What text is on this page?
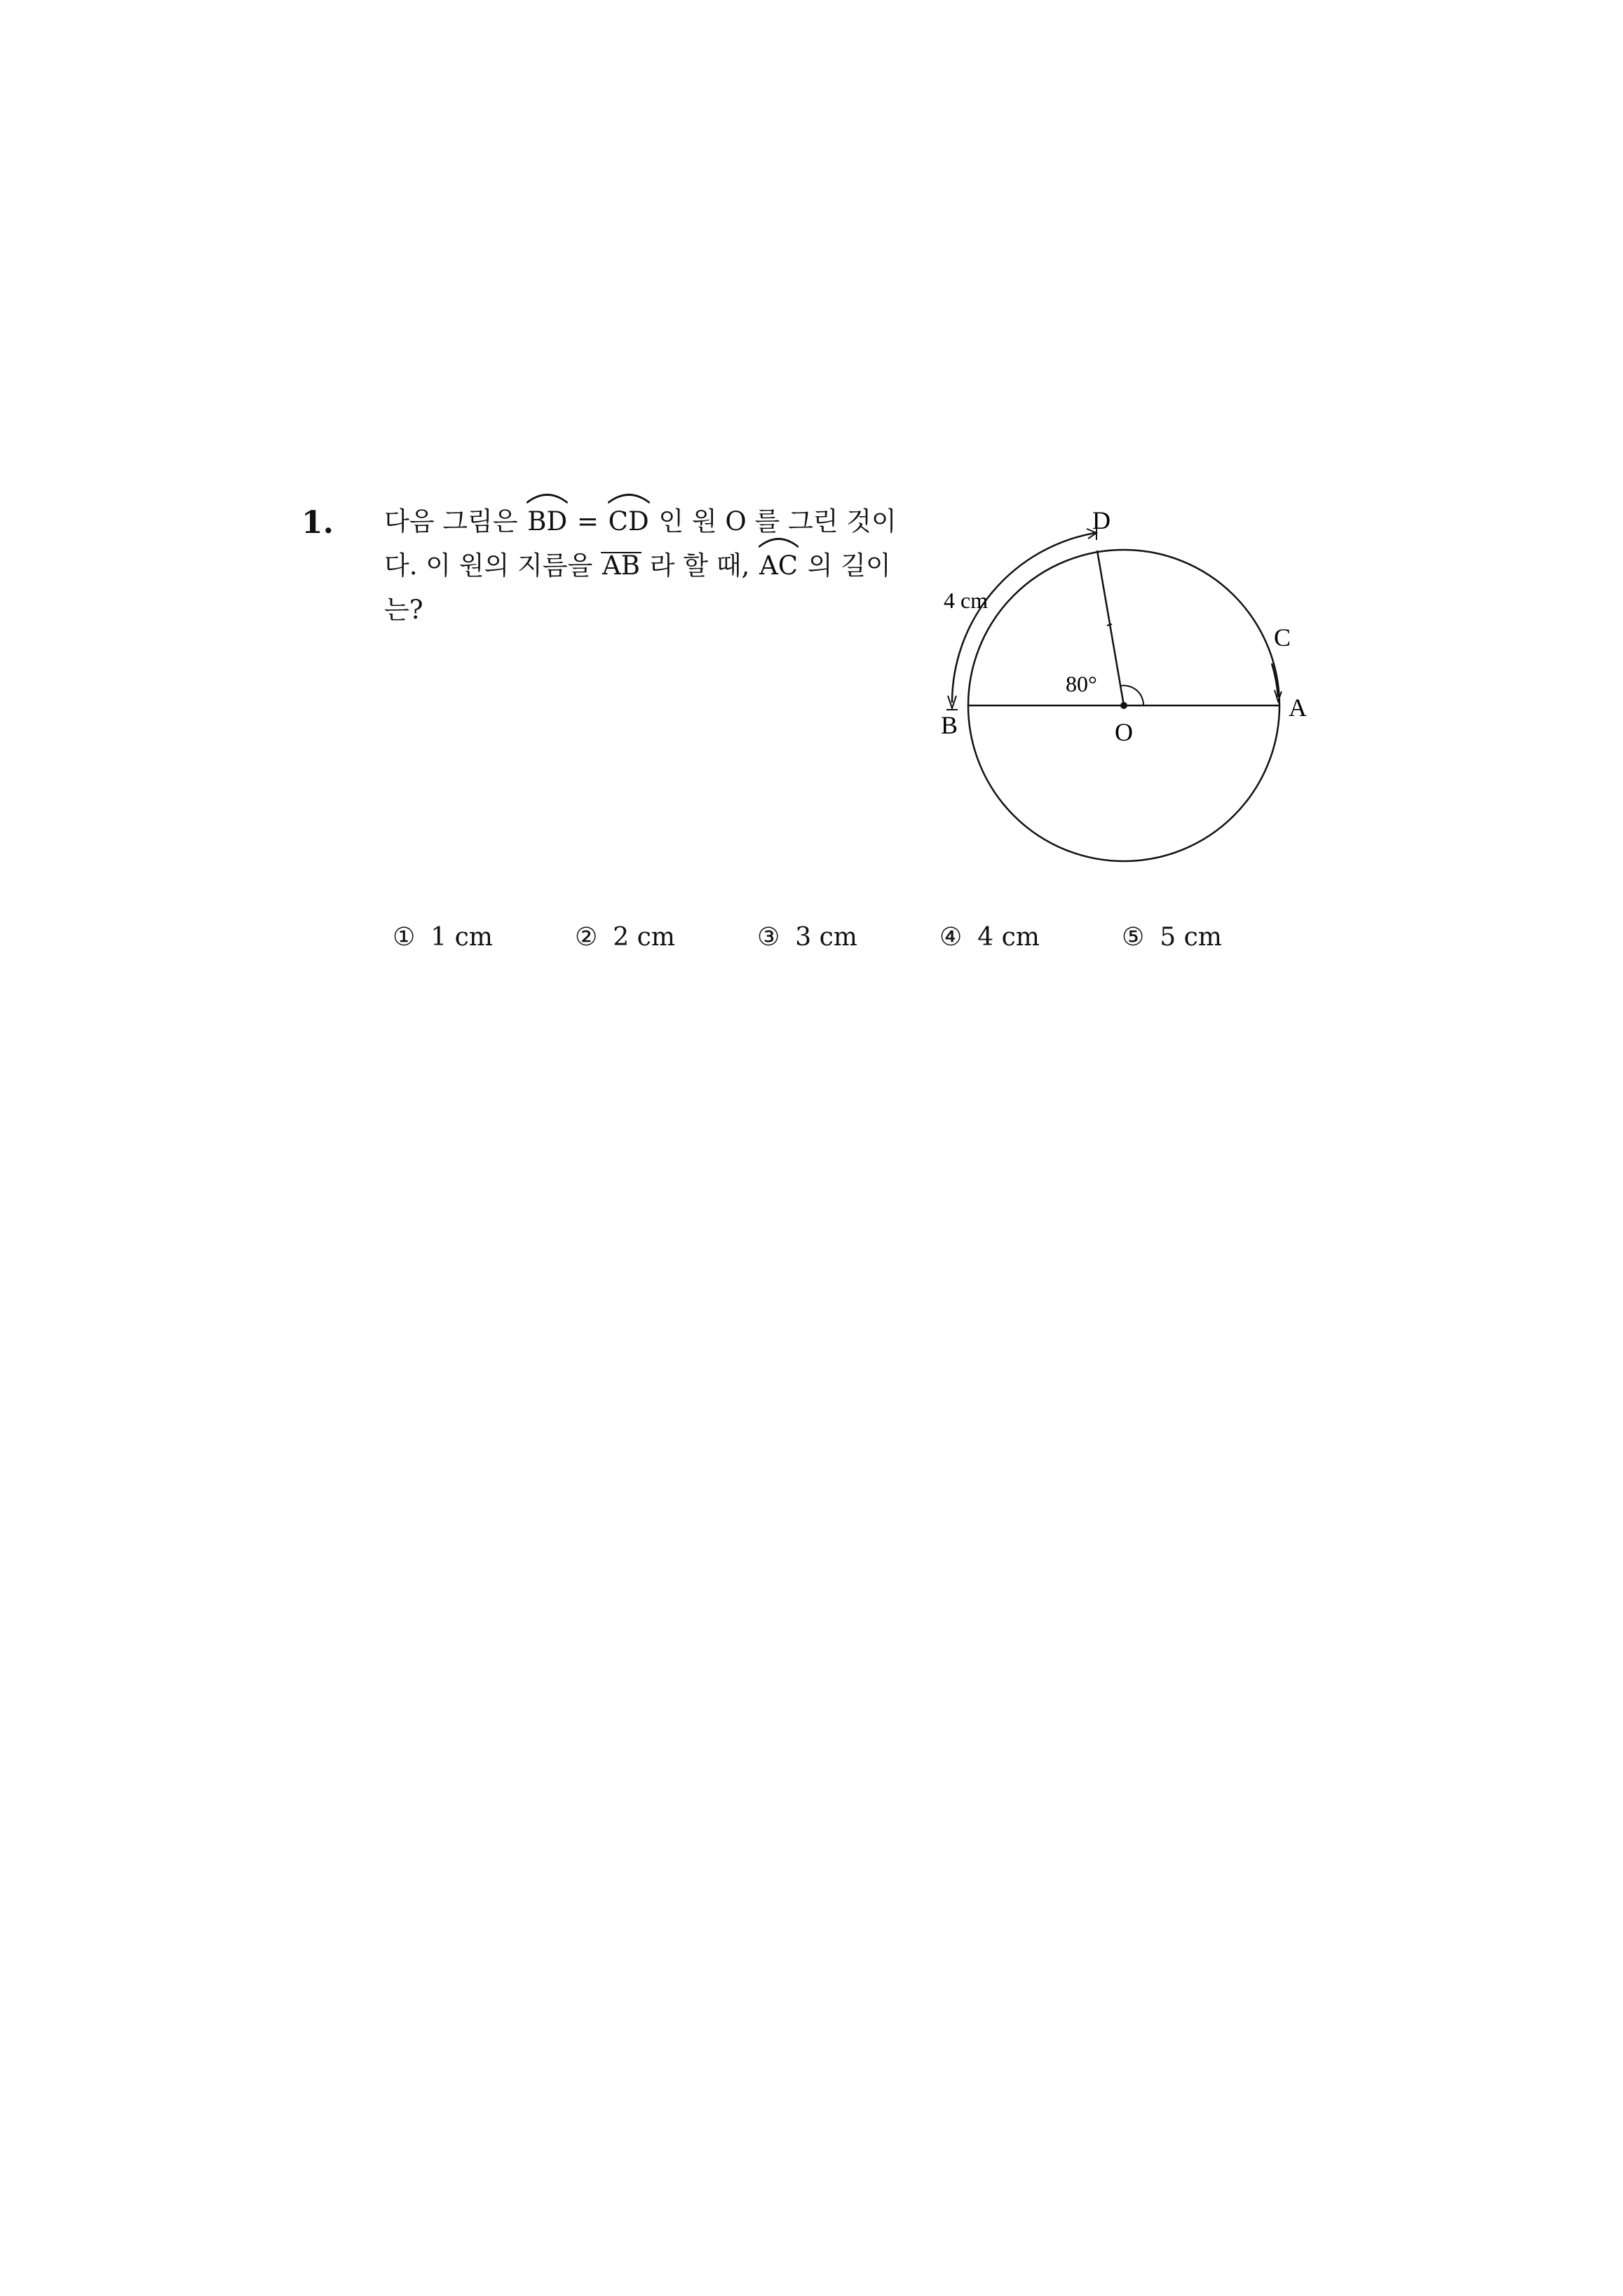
1. 다음 그림은 BD = CD 인 원 O 를 그린 것이
다. 이 원의 지름을 AB 라 할 때, AC 의 길이
는?
D
C
A
B	O
4 cm
80°
① 1 cm	② 2 cm	③ 3 cm	④ 4 cm	⑤ 5 cm
